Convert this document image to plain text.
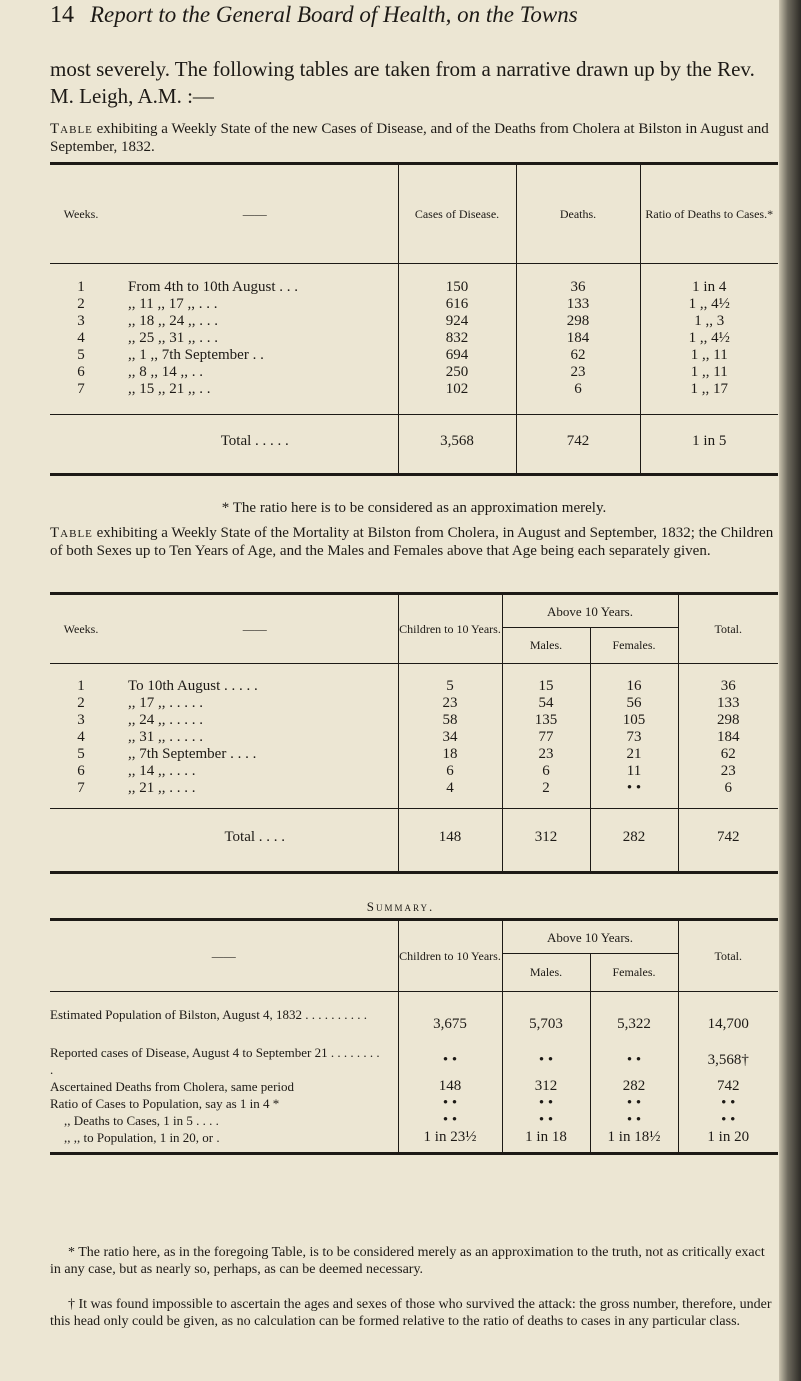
14 Report to the General Board of Health, on the Towns
most severely. The following tables are taken from a narrative drawn up by the Rev. M. Leigh, A.M. :—
Table exhibiting a Weekly State of the new Cases of Disease, and of the Deaths from Cholera at Bilston in August and September, 1832.
Weeks.	——	Cases of Disease.	Deaths.	Ratio of Deaths to Cases.*

1	From 4th to 10th August . . .	150	36	1 in 4
2	,, 11 ,, 17 ,, . . .	616	133	1 ,, 4½
3	,, 18 ,, 24 ,, . . .	924	298	1 ,, 3
4	,, 25 ,, 31 ,, . . .	832	184	1 ,, 4½
5	,, 1 ,, 7th September . .	694	62	1 ,, 11
6	,, 8 ,, 14 ,, . .	250	23	1 ,, 11
7	,, 15 ,, 21 ,, . .	102	6	1 ,, 17

	Total . . . . .	3,568	742	1 in 5
* The ratio here is to be considered as an approximation merely.
Table exhibiting a Weekly State of the Mortality at Bilston from Cholera, in August and September, 1832; the Children of both Sexes up to Ten Years of Age, and the Males and Females above that Age being each separately given.
Weeks.	——	Children to 10 Years.	Above 10 Years.		Total.
			Males.	Females.	

1	To 10th August . . . . .	5	15	16	36
2	,, 17 ,, . . . . .	23	54	56	133
3	,, 24 ,, . . . . .	58	135	105	298
4	,, 31 ,, . . . . .	34	77	73	184
5	,, 7th September . . . .	18	23	21	62
6	,, 14 ,, . . . .	6	6	11	23
7	,, 21 ,, . . . .	4	2	• •	6

	Total . . . .	148	312	282	742
Summary.
——	Children to 10 Years.	Above 10 Years.		Total.
		Males.	Females.	

Estimated Population of Bilston, August 4, 1832 . . . . . . . . . .	3,675	5,703	5,322	14,700
Reported cases of Disease, August 4 to September 21 . . . . . . . . .	• •	• •	• •	3,568†
Ascertained Deaths from Cholera, same period	148	312	282	742
Ratio of Cases to Population, say as 1 in 4 *	• •	• •	• •	• •
,, Deaths to Cases, 1 in 5 . . . .	• •	• •	• •	• •
,, ,, to Population, 1 in 20, or .	1 in 23½	1 in 18	1 in 18½	1 in 20

* The ratio here, as in the foregoing Table, is to be considered merely as an approximation to the truth, not as critically exact in any case, but as nearly so, perhaps, as can be deemed necessary.
† It was found impossible to ascertain the ages and sexes of those who survived the attack: the gross number, therefore, under this head only could be given, as no calculation can be formed relative to the ratio of deaths to cases in any particular class.
